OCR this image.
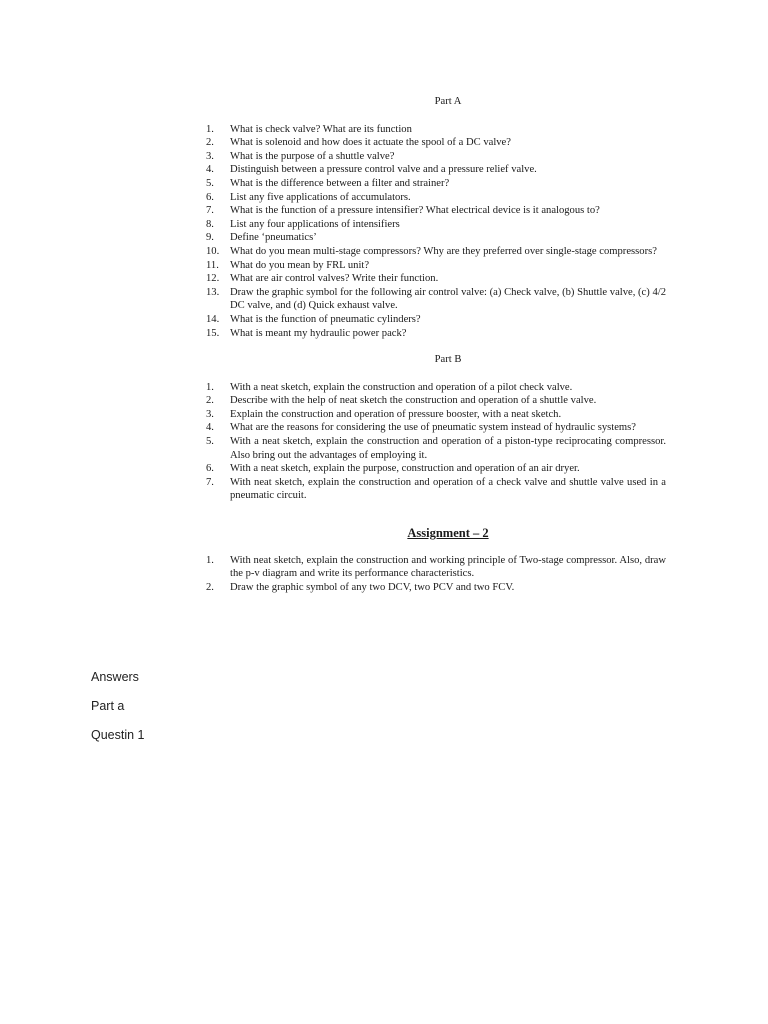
Part A
1.	What is check valve? What are its function
2.	What is solenoid and how does it actuate the spool of a DC valve?
3.	What is the purpose of a shuttle valve?
4.	Distinguish between a pressure control valve and a pressure relief valve.
5.	What is the difference between a filter and strainer?
6.	List any five applications of accumulators.
7.	What is the function of a pressure intensifier? What electrical device is it analogous to?
8.	List any four applications of intensifiers
9.	Define ‘pneumatics’
10.	What do you mean multi-stage compressors? Why are they preferred over single-stage compressors?
11.	What do you mean by FRL unit?
12.	What are air control valves? Write their function.
13.	Draw the graphic symbol for the following air control valve: (a) Check valve, (b) Shuttle valve, (c) 4/2 DC valve, and (d) Quick exhaust valve.
14.	What is the function of pneumatic cylinders?
15.	What is meant my hydraulic power pack?
Part B
1.	With a neat sketch, explain the construction and operation of a pilot check valve.
2.	Describe with the help of neat sketch the construction and operation of a shuttle valve.
3.	Explain the construction and operation of pressure booster, with a neat sketch.
4.	What are the reasons for considering the use of pneumatic system instead of hydraulic systems?
5.	With a neat sketch, explain the construction and operation of a piston-type reciprocating compressor. Also bring out the advantages of employing it.
6.	With a neat sketch, explain the purpose, construction and operation of an air dryer.
7.	With neat sketch, explain the construction and operation of a check valve and shuttle valve used in a pneumatic circuit.
Assignment – 2
1.	With neat sketch, explain the construction and working principle of Two-stage compressor. Also, draw the p-v diagram and write its performance characteristics.
2.	Draw the graphic symbol of any two DCV, two PCV and two FCV.
Answers
Part a
Questin 1
